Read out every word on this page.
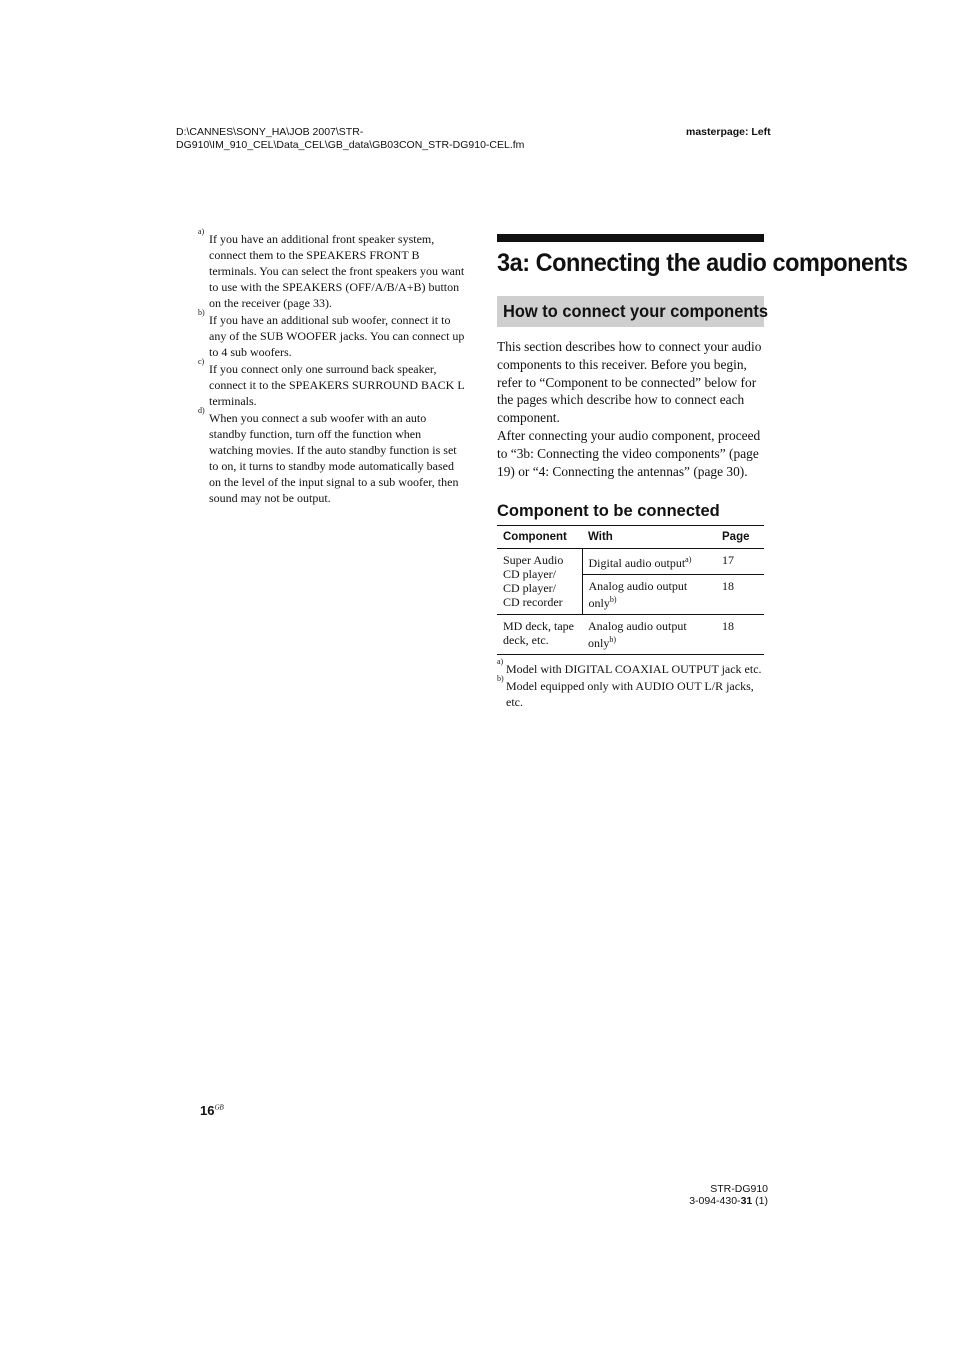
D:\CANNES\SONY_HA\JOB 2007\STR-
DG910\IM_910_CEL\Data_CEL\GB_data\GB03CON_STR-DG910-CEL.fm
masterpage: Left
a)
If you have an additional front speaker system, connect them to the SPEAKERS FRONT B terminals. You can select the front speakers you want to use with the SPEAKERS (OFF/A/B/A+B) button on the receiver (page 33).
b)
If you have an additional sub woofer, connect it to any of the SUB WOOFER jacks. You can connect up to 4 sub woofers.
c)
If you connect only one surround back speaker, connect it to the SPEAKERS SURROUND BACK L terminals.
d)
When you connect a sub woofer with an auto standby function, turn off the function when watching movies. If the auto standby function is set to on, it turns to standby mode automatically based on the level of the input signal to a sub woofer, then sound may not be output.
3a: Connecting the audio components
How to connect your components

This section describes how to connect your audio components to this receiver. Before you begin, refer to “Component to be connected” below for the pages which describe how to connect each component.

After connecting your audio component, proceed to “3b: Connecting the video components” (page 19) or “4: Connecting the antennas” (page 30).

Component to be connected
Component	With	Page
Super Audio CD player/ CD player/ CD recorder	Digital audio output$^{a)}$	17
	Analog audio output only$^{b)}$	18
MD deck, tape deck, etc.	Analog audio output only$^{b)}$	18
a)
Model with DIGITAL COAXIAL OUTPUT jack etc.
b)
Model equipped only with AUDIO OUT L/R jacks, etc.
$16^{GB}$
STR-DG910
3-094-430-31 (1)
